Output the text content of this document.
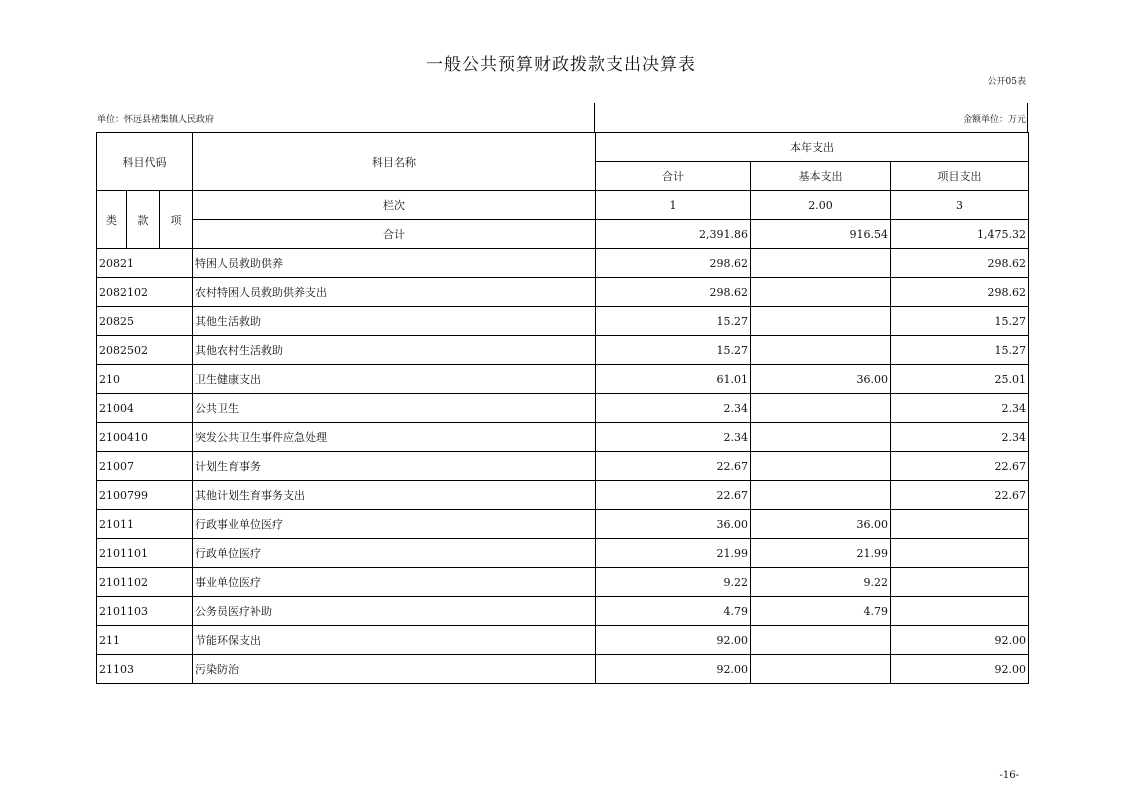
一般公共预算财政拨款支出决算表
公开05表
单位：怀远县褚集镇人民政府	金额单位：万元
科目代码			科目名称	本年支出		
				合计	基本支出	项目支出
类	款	项	栏次	1	2.00	3
			合计	2,391.86	916.54	1,475.32
20821			特困人员救助供养	298.62		298.62
2082102			农村特困人员救助供养支出	298.62		298.62
20825			其他生活救助	15.27		15.27
2082502			其他农村生活救助	15.27		15.27
210			卫生健康支出	61.01	36.00	25.01
21004			公共卫生	2.34		2.34
2100410			突发公共卫生事件应急处理	2.34		2.34
21007			计划生育事务	22.67		22.67
2100799			其他计划生育事务支出	22.67		22.67
21011			行政事业单位医疗	36.00	36.00	
2101101			行政单位医疗	21.99	21.99	
2101102			事业单位医疗	9.22	9.22	
2101103			公务员医疗补助	4.79	4.79	
211			节能环保支出	92.00		92.00
21103			污染防治	92.00		92.00
-16-
